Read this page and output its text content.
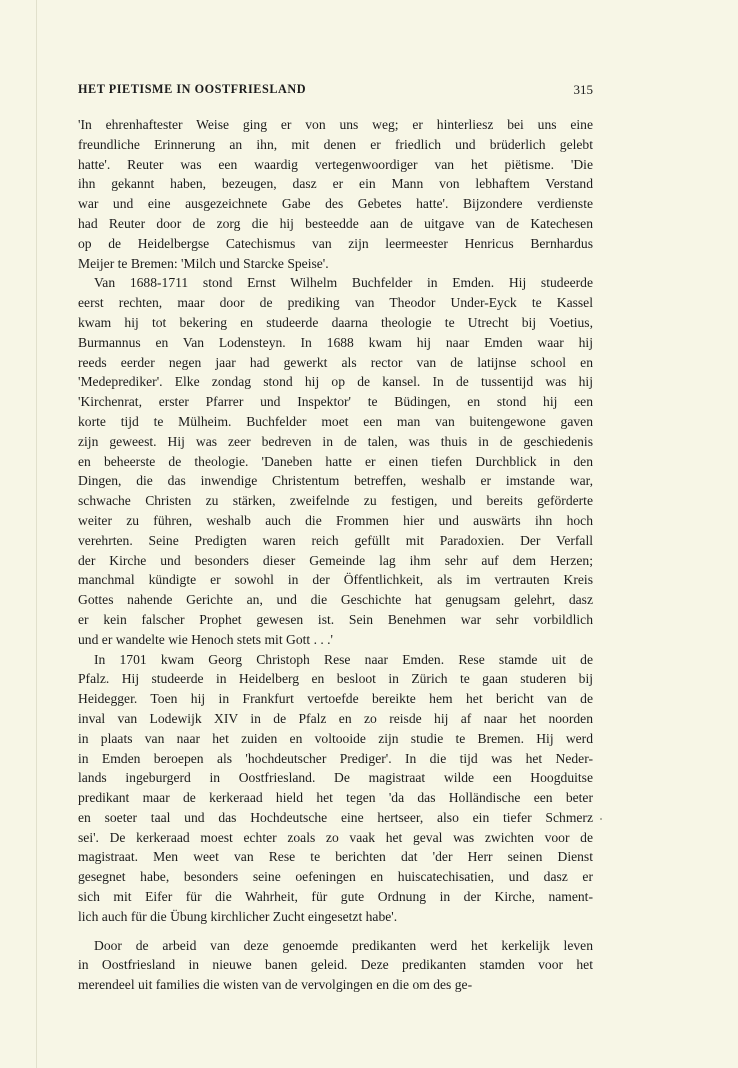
HET PIETISME IN OOSTFRIESLAND	315

'In ehrenhaftester Weise ging er von uns weg; er hinterliesz bei uns eine
freundliche Erinnerung an ihn, mit denen er friedlich und brüderlich gelebt
hatte'. Reuter was een waardig vertegenwoordiger van het piëtisme. 'Die
ihn gekannt haben, bezeugen, dasz er ein Mann von lebhaftem Verstand
war und eine ausgezeichnete Gabe des Gebetes hatte'. Bijzondere verdienste
had Reuter door de zorg die hij besteedde aan de uitgave van de Katechesen
op de Heidelbergse Catechismus van zijn leermeester Henricus Bernhardus
Meijer te Bremen: 'Milch und Starcke Speise'.

Van 1688-1711 stond Ernst Wilhelm Buchfelder in Emden. Hij studeerde
eerst rechten, maar door de prediking van Theodor Under-Eyck te Kassel
kwam hij tot bekering en studeerde daarna theologie te Utrecht bij Voetius,
Burmannus en Van Lodensteyn. In 1688 kwam hij naar Emden waar hij
reeds eerder negen jaar had gewerkt als rector van de latijnse school en
'Medeprediker'. Elke zondag stond hij op de kansel. In de tussentijd was hij
'Kirchenrat, erster Pfarrer und Inspektor' te Büdingen, en stond hij een
korte tijd te Mülheim. Buchfelder moet een man van buitengewone gaven
zijn geweest. Hij was zeer bedreven in de talen, was thuis in de geschiedenis
en beheerste de theologie. 'Daneben hatte er einen tiefen Durchblick in den
Dingen, die das inwendige Christentum betreffen, weshalb er imstande war,
schwache Christen zu stärken, zweifelnde zu festigen, und bereits geförderte
weiter zu führen, weshalb auch die Frommen hier und auswärts ihn hoch
verehrten. Seine Predigten waren reich gefüllt mit Paradoxien. Der Verfall
der Kirche und besonders dieser Gemeinde lag ihm sehr auf dem Herzen;
manchmal kündigte er sowohl in der Öffentlichkeit, als im vertrauten Kreis
Gottes nahende Gerichte an, und die Geschichte hat genugsam gelehrt, dasz
er kein falscher Prophet gewesen ist. Sein Benehmen war sehr vorbildlich
und er wandelte wie Henoch stets mit Gott . . .'

In 1701 kwam Georg Christoph Rese naar Emden. Rese stamde uit de
Pfalz. Hij studeerde in Heidelberg en besloot in Zürich te gaan studeren bij
Heidegger. Toen hij in Frankfurt vertoefde bereikte hem het bericht van de
inval van Lodewijk XIV in de Pfalz en zo reisde hij af naar het noorden
in plaats van naar het zuiden en voltooide zijn studie te Bremen. Hij werd
in Emden beroepen als 'hochdeutscher Prediger'. In die tijd was het Neder-
lands ingeburgerd in Oostfriesland. De magistraat wilde een Hoogduitse
predikant maar de kerkeraad hield het tegen 'da das Holländische een beter
en soeter taal und das Hochdeutsche eine hertseer, also ein tiefer Schmerz
sei'. De kerkeraad moest echter zoals zo vaak het geval was zwichten voor de
magistraat. Men weet van Rese te berichten dat 'der Herr seinen Dienst
gesegnet habe, besonders seine oefeningen en huiscatechisatien, und dasz er
sich mit Eifer für die Wahrheit, für gute Ordnung in der Kirche, nament-
lich auch für die Übung kirchlicher Zucht eingesetzt habe'.

Door de arbeid van deze genoemde predikanten werd het kerkelijk leven
in Oostfriesland in nieuwe banen geleid. Deze predikanten stamden voor het
merendeel uit families die wisten van de vervolgingen en die om des ge-
